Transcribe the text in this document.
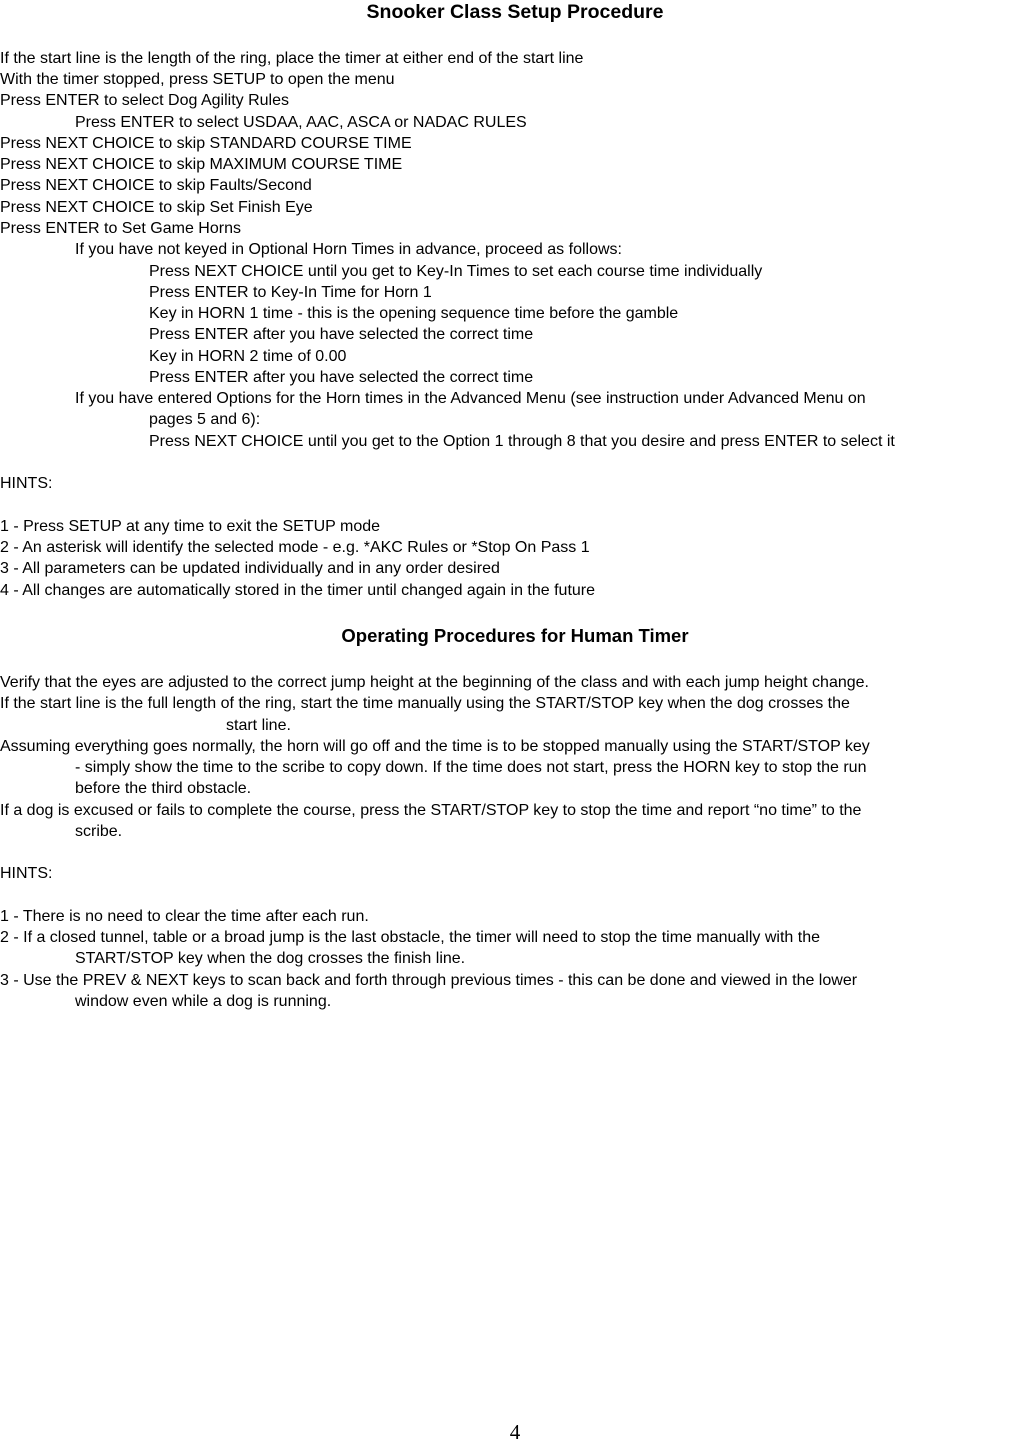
Snooker Class Setup Procedure
If the start line is the length of the ring, place the timer at either end of the start line
With the timer stopped, press SETUP to open the menu
Press ENTER to select Dog Agility Rules
Press ENTER to select USDAA, AAC, ASCA or NADAC RULES
Press NEXT CHOICE to skip STANDARD COURSE TIME
Press NEXT CHOICE to skip MAXIMUM COURSE TIME
Press NEXT CHOICE to skip Faults/Second
Press NEXT CHOICE to skip Set Finish Eye
Press ENTER to Set Game Horns
If you have not keyed in Optional Horn Times in advance, proceed as follows:
Press NEXT CHOICE until you get to Key-In Times to set each course time individually
Press ENTER to Key-In Time for Horn 1
Key in HORN 1 time - this is the opening sequence time before the gamble
Press ENTER after you have selected the correct time
Key in HORN 2 time of 0.00
Press ENTER after you have selected the correct time
If you have entered Options for the Horn times in the Advanced Menu (see instruction under Advanced Menu on
pages 5 and 6):
Press NEXT CHOICE until you get to the Option 1 through 8 that you desire and press ENTER to select it
HINTS:
1 - Press SETUP at any time to exit the SETUP mode
2 - An asterisk will identify the selected mode - e.g. *AKC Rules or *Stop On Pass 1
3 - All parameters can be updated individually and in any order desired
4 - All changes are automatically stored in the timer until changed again in the future
Operating Procedures for Human Timer
Verify that the eyes are adjusted to the correct jump height at the beginning of the class and with each jump height change.
If the start line is the full length of the ring, start the time manually using the START/STOP key when the dog crosses the
start line.
Assuming everything goes normally, the horn will go off and the time is to be stopped manually using the START/STOP key
- simply show the time to the scribe to copy down. If the time does not start, press the HORN key to stop the run
before the third obstacle.
If a dog is excused or fails to complete the course, press the START/STOP key to stop the time and report “no time” to the
scribe.
HINTS:
1 - There is no need to clear the time after each run.
2 - If a closed tunnel, table or a broad jump is the last obstacle, the timer will need to stop the time manually with the
START/STOP key when the dog crosses the finish line.
3 - Use the PREV & NEXT keys to scan back and forth through previous times - this can be done and viewed in the lower
window even while a dog is running.
4
